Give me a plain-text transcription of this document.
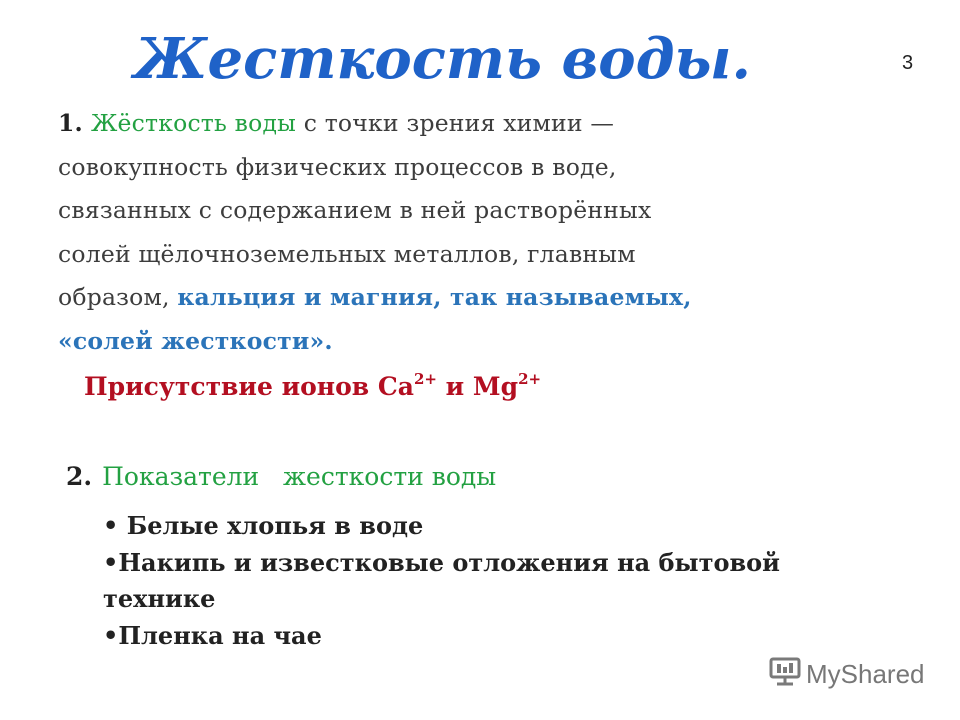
Жесткость воды.	3
1. Жёсткость воды с точки зрения химии —
совокупность физических процессов в воде,
связанных с содержанием в ней растворённых
солей щёлочноземельных металлов, главным
образом, кальция и магния, так называемых,
«солей жесткости».
Присутствие ионов $Ca^{2+}$ и $Mg^{2+}$
2. Показатели   жесткости воды
• Белые хлопья в воде
•Накипь и известковые отложения на бытовой
технике
•Пленка на чае
MyShared
